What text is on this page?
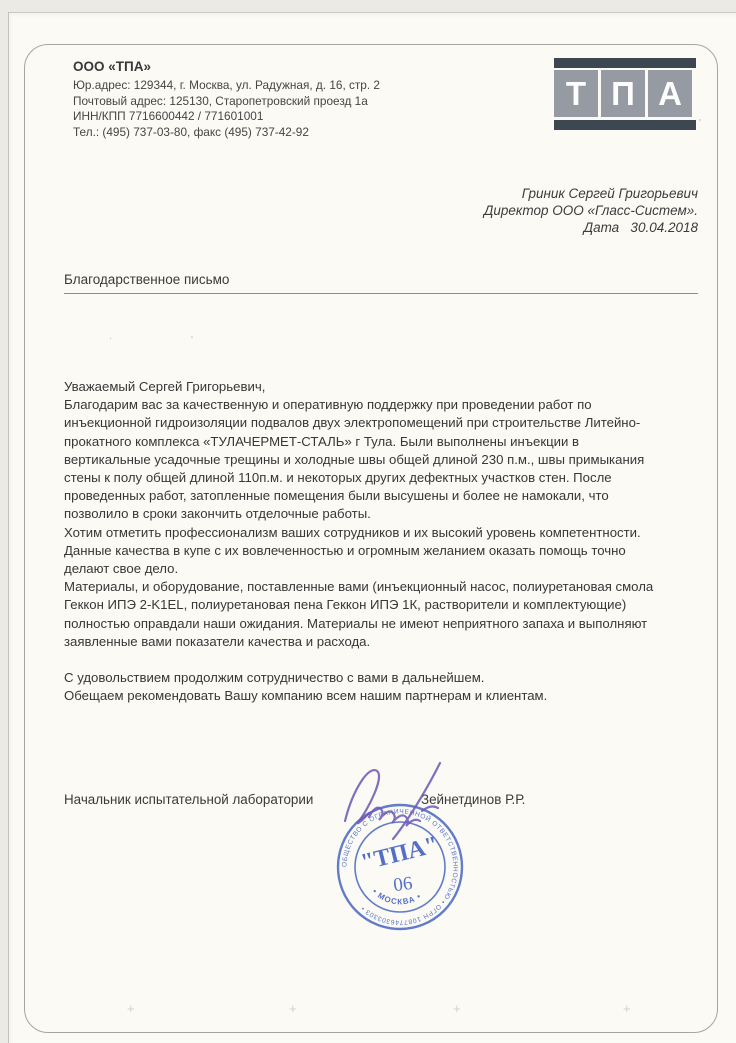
ООО «ТПА»
Юр.адрес: 129344, г. Москва, ул. Радужная, д. 16, стр. 2
Почтовый адрес: 125130, Старопетровский проезд 1а
ИНН/КПП 7716600442 / 771601001
Тел.: (495) 737-03-80, факс (495) 737-42-92
Т П А
Гриник Сергей Григорьевич
Директор ООО «Гласс-Систем».
Дата   30.04.2018
Благодарственное письмо
Уважаемый Сергей Григорьевич,
Благодарим вас за качественную и оперативную поддержку при проведении работ по
инъекционной гидроизоляции подвалов двух электропомещений при строительстве Литейно-
прокатного комплекса «ТУЛАЧЕРМЕТ-СТАЛЬ» г Тула. Были выполнены инъекции в
вертикальные усадочные трещины и холодные швы общей длиной 230 п.м., швы примыкания
стены к полу общей длиной 110п.м. и некоторых других дефектных участков стен. После
проведенных работ, затопленные помещения были высушены и более не намокали, что
позволило в сроки закончить отделочные работы.
Хотим отметить профессионализм ваших сотрудников и их высокий уровень компетентности.
Данные качества в купе с их вовлеченностью и огромным желанием оказать помощь точно
делают свое дело.
Материалы, и оборудование, поставленные вами (инъекционный насос, полиуретановая смола
Геккон ИПЭ 2-K1EL, полиуретановая пена Геккон ИПЭ 1К, растворители и комплектующие)
полностью оправдали наши ожидания. Материалы не имеют неприятного запаха и выполняют
заявленные вами показатели качества и расхода.
С удовольствием продолжим сотрудничество с вами в дальнейшем.
Обещаем рекомендовать Вашу компанию всем нашим партнерам и клиентам.
Начальник испытательной лаборатории	Зейнетдинов Р.Р.
ОБЩЕСТВО С ОГРАНИЧЕННОЙ ОТВЕТСТВЕННОСТЬЮ • ОГРН 1087746303303 •
• МОСКВА •
"ТПА"
06
·	'
'
+	+	+	+
